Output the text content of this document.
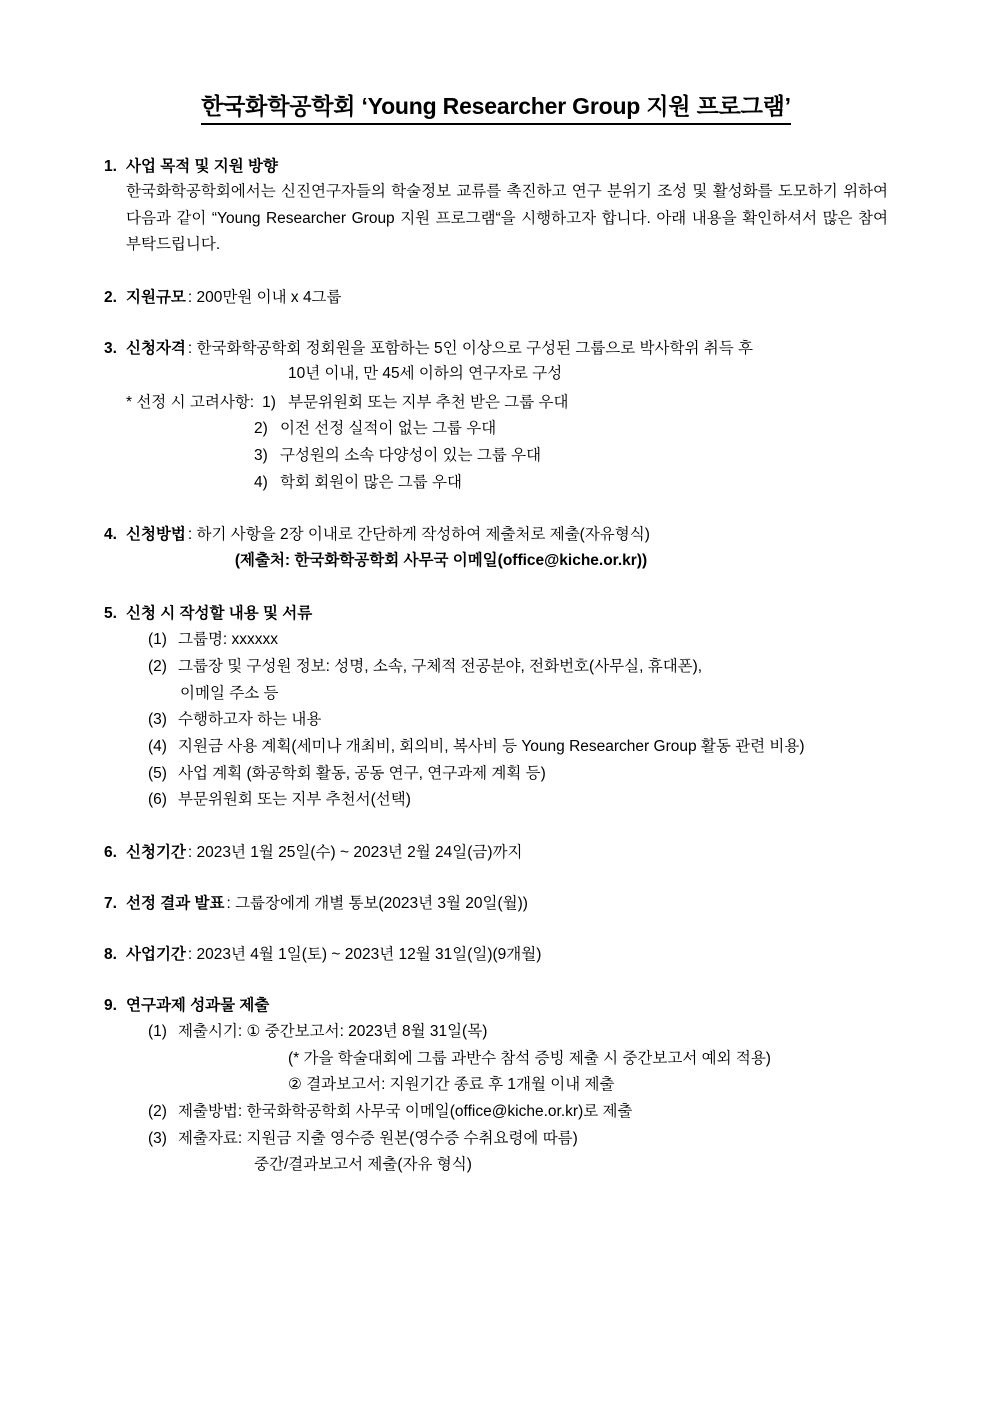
한국화학공학회 ‘Young Researcher Group 지원 프로그램’
1. 사업 목적 및 지원 방향
한국화학공학회에서는 신진연구자들의 학술정보 교류를 촉진하고 연구 분위기 조성 및 활성화를 도모하기 위하여 다음과 같이 “Young Researcher Group 지원 프로그램“을 시행하고자 합니다. 아래 내용을 확인하셔서 많은 참여 부탁드립니다.
2. 지원규모 : 200만원 이내 x 4그룹
3. 신청자격 : 한국화학공학회 정회원을 포함하는 5인 이상으로 구성된 그룹으로 박사학위 취득 후
10년 이내, 만 45세 이하의 연구자로 구성
* 선정 시 고려사항: 1) 부문위원회 또는 지부 추천 받은 그룹 우대
2) 이전 선정 실적이 없는 그룹 우대
3) 구성원의 소속 다양성이 있는 그룹 우대
4) 학회 회원이 많은 그룹 우대
4. 신청방법 : 하기 사항을 2장 이내로 간단하게 작성하여 제출처로 제출(자유형식)
(제출처: 한국화학공학회 사무국 이메일(office@kiche.or.kr))
5. 신청 시 작성할 내용 및 서류
(1) 그룹명: xxxxxx
(2) 그룹장 및 구성원 정보: 성명, 소속, 구체적 전공분야, 전화번호(사무실, 휴대폰),
이메일 주소 등
(3) 수행하고자 하는 내용
(4) 지원금 사용 계획(세미나 개최비, 회의비, 복사비 등 Young Researcher Group 활동 관련 비용)
(5) 사업 계획 (화공학회 활동, 공동 연구, 연구과제 계획 등)
(6) 부문위원회 또는 지부 추천서(선택)
6. 신청기간 : 2023년 1월 25일(수) ~ 2023년 2월 24일(금)까지
7. 선정 결과 발표 : 그룹장에게 개별 통보(2023년 3월 20일(월))
8. 사업기간 : 2023년 4월 1일(토) ~ 2023년 12월 31일(일)(9개월)
9. 연구과제 성과물 제출
(1) 제출시기: ① 중간보고서: 2023년 8월 31일(목)
(* 가을 학술대회에 그룹 과반수 참석 증빙 제출 시 중간보고서 예외 적용)
② 결과보고서: 지원기간 종료 후 1개월 이내 제출
(2) 제출방법: 한국화학공학회 사무국 이메일(office@kiche.or.kr)로 제출
(3) 제출자료: 지원금 지출 영수증 원본(영수증 수취요령에 따름)
중간/결과보고서 제출(자유 형식)
